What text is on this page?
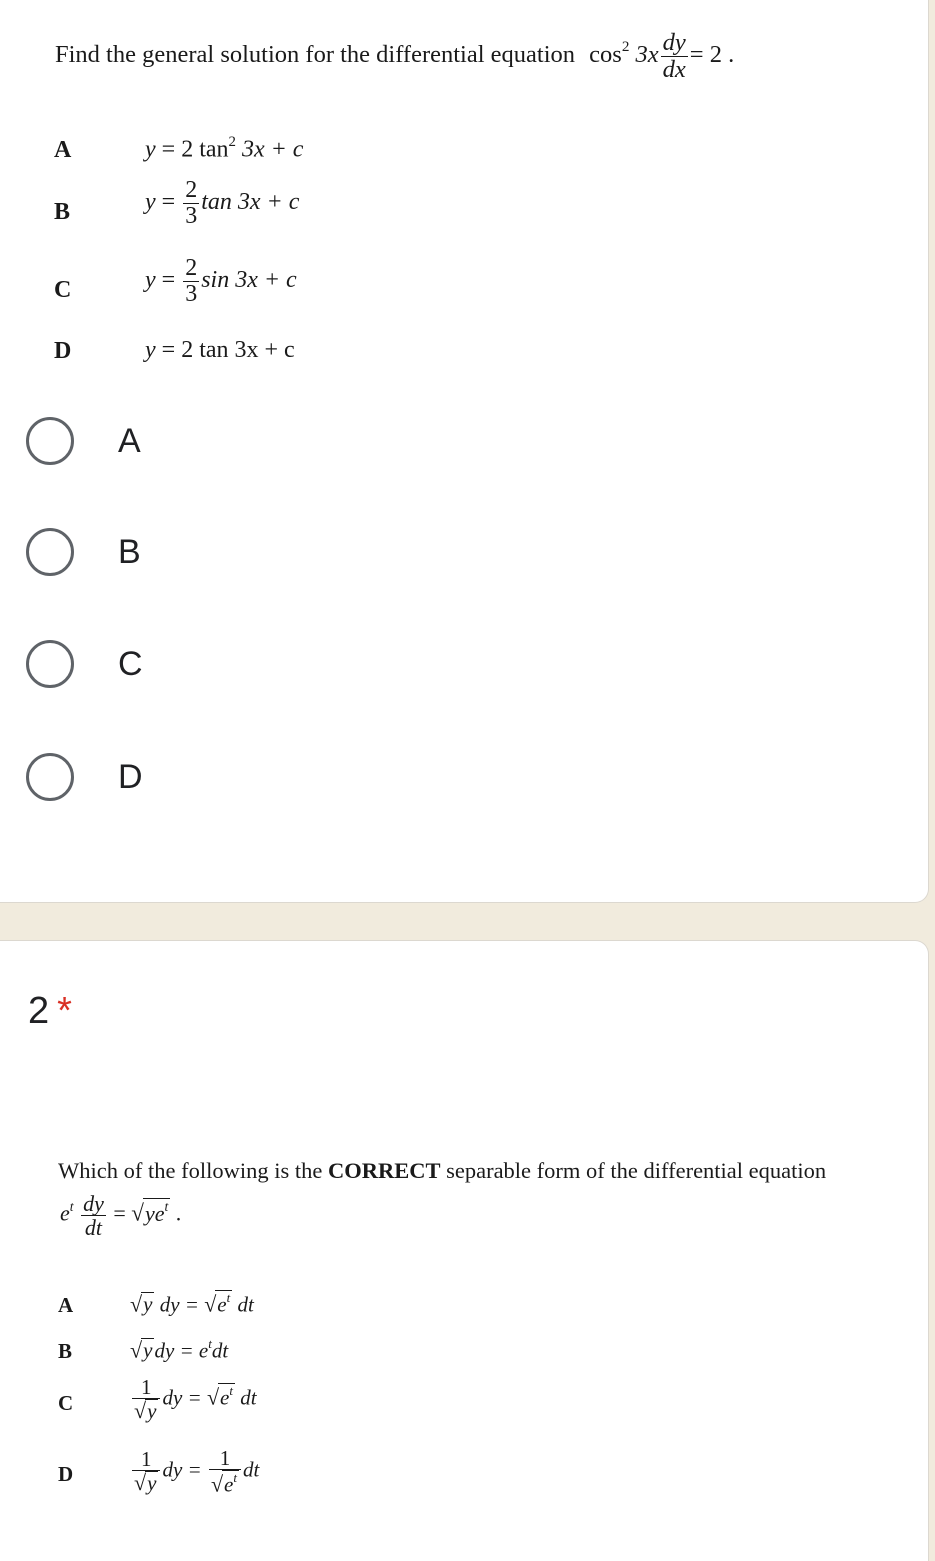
Find the general solution for the differential equation $\cos^2 3x \frac{dy}{dx} = 2$ .
A	y = 2 $\tan^2 3x + c$
B	$y = \frac{2}{3}$ tan 3x + c
C	$y = \frac{2}{3}$ sin 3x + c
D	y = 2 tan 3x + c
A
B
C
D
2 *
Which of the following is the CORRECT separable form of the differential equation
$e^t \frac{dy}{dt} = √ye^t$ .
A	√y dy = $√e^t$ dt
B	$√ydy = e^tdt$
C	$\frac{1}{√y}$ dy = $√e^t$ dt
D	$\frac{1}{√y}$ dy = $\frac{1}{√e^t}$ dt
